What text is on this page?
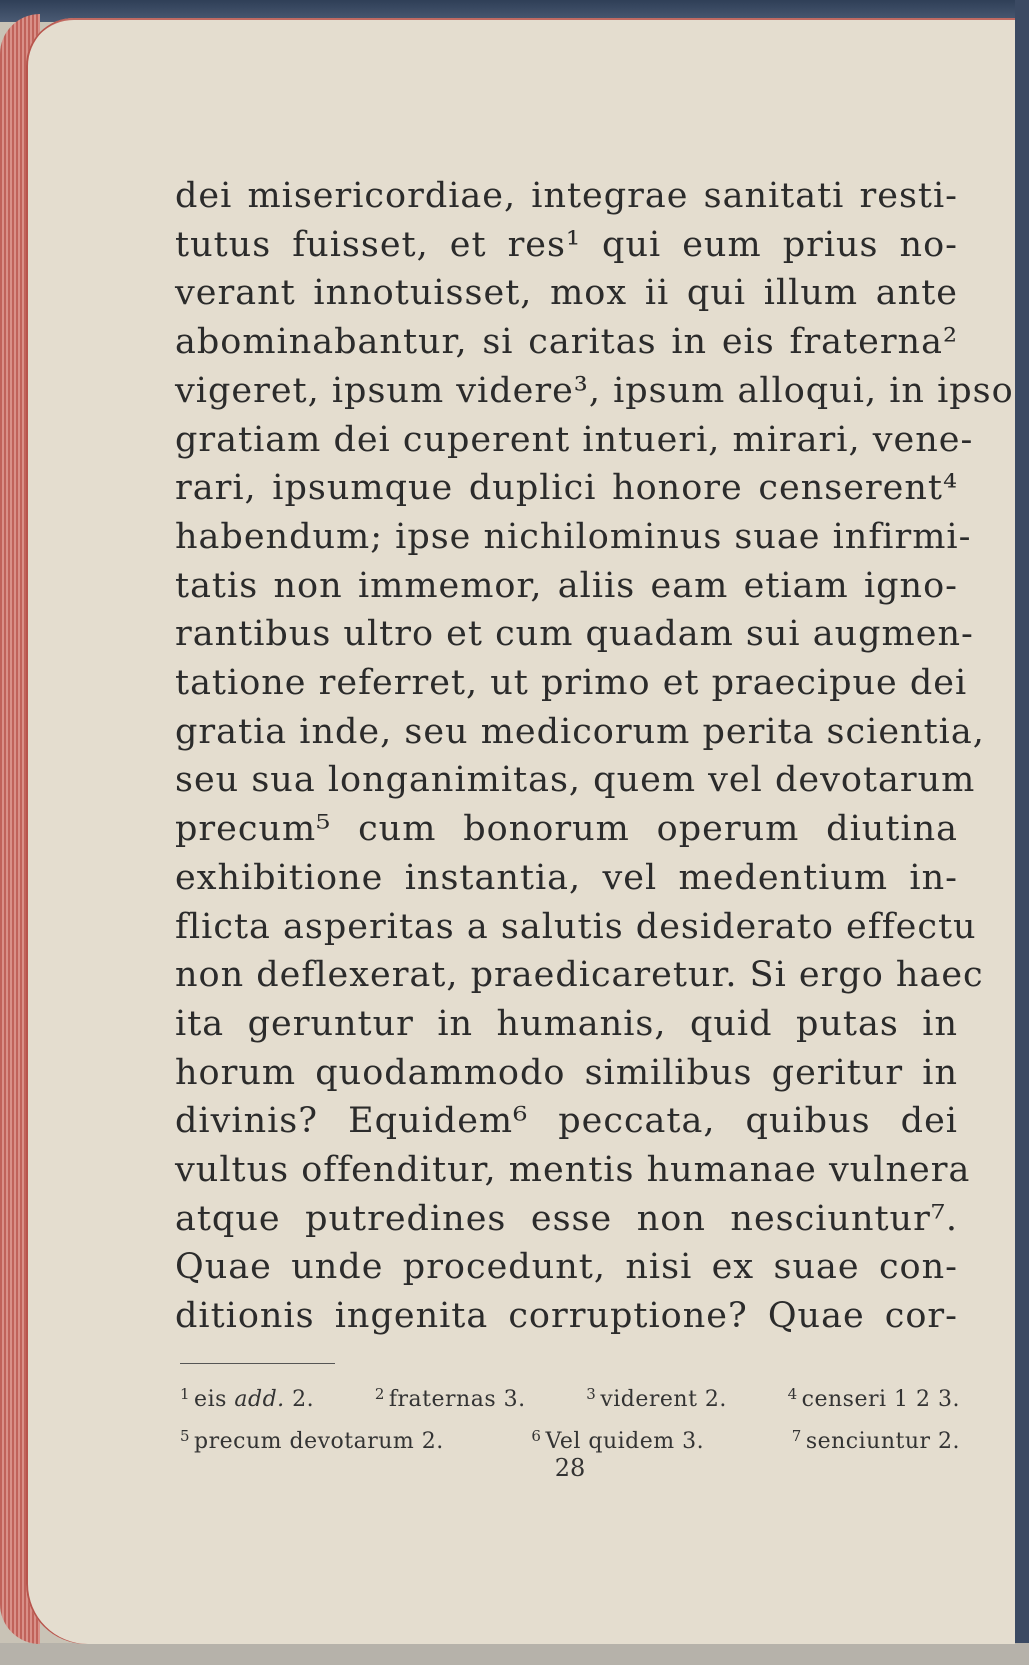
dei misericordiae, integrae sanitati resti-
tutus fuisset, et res¹ qui eum prius no-
verant innotuisset, mox ii qui illum ante
abominabantur, si caritas in eis fraterna²
vigeret, ipsum videre³, ipsum alloqui, in ipso
gratiam dei cuperent intueri, mirari, vene-
rari, ipsumque duplici honore censerent⁴
habendum; ipse nichilominus suae infirmi-
tatis non immemor, aliis eam etiam igno-
rantibus ultro et cum quadam sui augmen-
tatione referret, ut primo et praecipue dei
gratia inde, seu medicorum perita scientia,
seu sua longanimitas, quem vel devotarum
precum⁵ cum bonorum operum diutina
exhibitione instantia, vel medentium in-
flicta asperitas a salutis desiderato effectu
non deflexerat, praedicaretur. Si ergo haec
ita geruntur in humanis, quid putas in
horum quodammodo similibus geritur in
divinis? Equidem⁶ peccata, quibus dei
vultus offenditur, mentis humanae vulnera
atque putredines esse non nesciuntur⁷.
Quae unde procedunt, nisi ex suae con-
ditionis ingenita corruptione? Quae cor-
$^1$ eis add. 2.	$^2$ fraternas 3.	$^3$ viderent 2.	$^4$ censeri 1 2 3.
$^5$ precum devotarum 2.	$^6$ Vel quidem 3.	$^7$ senciuntur 2.
28
